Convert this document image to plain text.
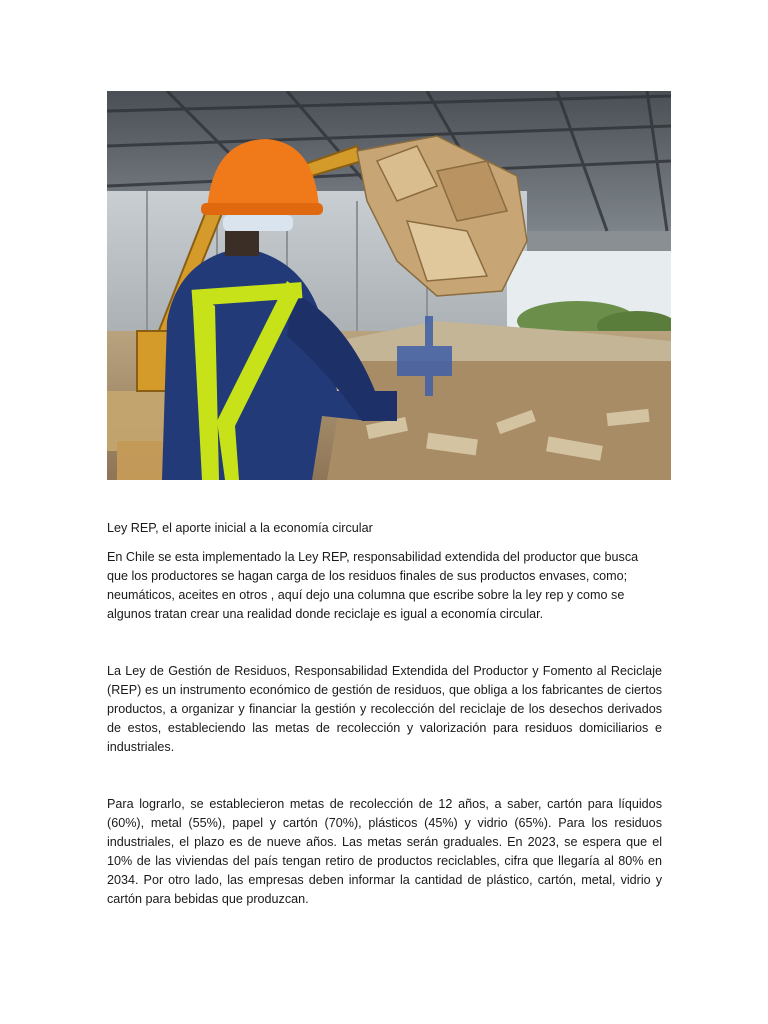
Ley REP, el aporte inicial a la economía circular

En Chile se esta implementado la Ley REP, responsabilidad extendida del productor que busca que los productores se hagan carga de los residuos finales de sus productos envases, como; neumáticos, aceites en otros , aquí dejo una columna que escribe sobre la ley rep y como se algunos tratan crear una realidad donde reciclaje es igual a economía circular.

La Ley de Gestión de Residuos, Responsabilidad Extendida del Productor y Fomento al Reciclaje (REP) es un instrumento económico de gestión de residuos, que obliga a los fabricantes de ciertos productos, a organizar y financiar la gestión y recolección del reciclaje de los desechos derivados de estos, estableciendo las metas de recolección y valorización para residuos domiciliarios e industriales.

Para lograrlo, se establecieron metas de recolección de 12 años, a saber, cartón para líquidos (60%), metal (55%), papel y cartón (70%), plásticos (45%) y vidrio (65%). Para los residuos industriales, el plazo es de nueve años. Las metas serán graduales. En 2023, se espera que el 10% de las viviendas del país tengan retiro de productos reciclables, cifra que llegaría al 80% en 2034. Por otro lado, las empresas deben informar la cantidad de plástico, cartón, metal, vidrio y cartón para bebidas que produzcan.
